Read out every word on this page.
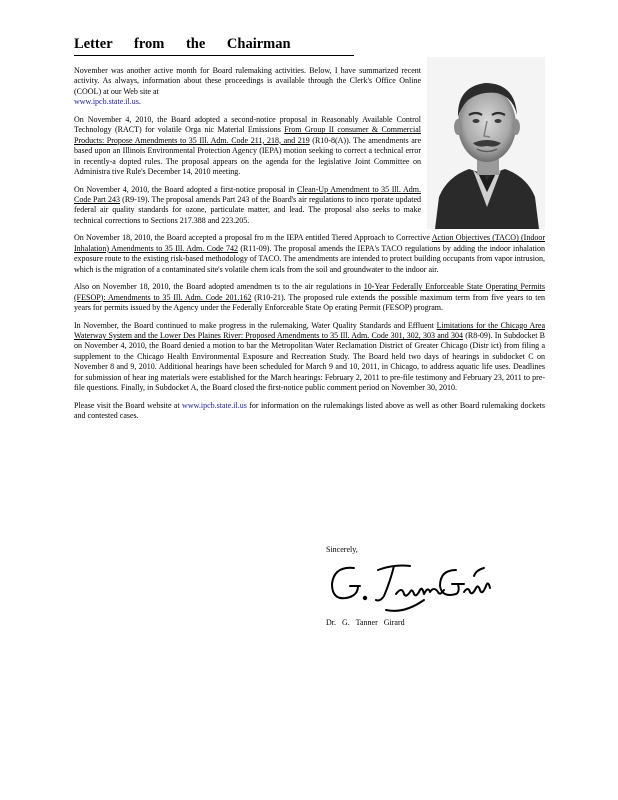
Letter from the Chairman

November was another active month for Board rulemaking activities. Below, I have summarized recent activity. As always, information about these proceedings is available through the Clerk's Office Online (COOL) at our Web site at
www.ipcb.state.il.us.

On November 4, 2010, the Board adopted a second-notice proposal in Reasonably Available Control Technology (RACT) for volatile Orga nic Material Emissions From Group II consumer & Commercial Products: Propose Amendments to 35 Ill. Adm. Code 211, 218, and 219 (R10-8(A)). The amendments are based upon an Illinois Environmental Protection Agency (IEPA) motion seeking to correct a technical error in recently-a dopted rules. The proposal appears on the agenda for the legislative Joint Committee on Administra tive Rule's December 14, 2010 meeting.

On November 4, 2010, the Board adopted a first-notice proposal in Clean-Up Amendment to 35 Ill. Adm. Code Part 243 (R9-19). The proposal amends Part 243 of the Board's air regulations to inco rporate updated federal air quality standards for ozone, particulate matter, and lead. The proposal also seeks to make technical corrections to Sections 217.388 and 223.205.

On November 18, 2010, the Board accepted a proposal fro m the IEPA entitled Tiered Approach to Corrective Action Objectives (TACO) (Indoor Inhalation) Amendments to 35 Ill. Adm. Code 742 (R11-09). The proposal amends the IEPA's TACO regulations by adding the indoor inhalation exposure route to the existing risk-based methodology of TACO. The amendments are intended to protect building occupants from vapor intrusion, which is the migration of a contaminated site's volatile chem icals from the soil and groundwater to the indoor air.

Also on November 18, 2010, the Board adopted amendmen ts to the air regulations in 10-Year Federally Enforceable State Operating Permits (FESOP): Amendments to 35 Ill. Adm. Code 201.162 (R10-21). The proposed rule extends the possible maximum term from five years to ten years for permits issued by the Agency under the Federally Enforceable State Op erating Permit (FESOP) program.

In November, the Board continued to make progress in the rulemaking, Water Quality Standards and Effluent Limitations for the Chicago Area Waterway System and the Lower Des Plaines River: Proposed Amendments to 35 Ill. Adm. Code 301, 302, 303 and 304 (R8-09). In Subdocket B on November 4, 2010, the Board denied a motion to bar the Metropolitan Water Reclamation District of Greater Chicago (Distr ict) from filing a supplement to the Chicago Health Environmental Exposure and Recreation Study. The Board held two days of hearings in subdocket C on November 8 and 9, 2010. Additional hearings have been scheduled for March 9 and 10, 2011, in Chicago, to address aquatic life uses. Deadlines for submission of hear ing materials were established for the March hearings: February 2, 2011 to pre-file testimony and February 23, 2011 to pre-file questions. Finally, in Subdocket A, the Board closed the first-notice public comment period on November 30, 2010.

Please visit the Board website at www.ipcb.state.il.us for information on the rulemakings listed above as well as other Board rulemaking dockets and contested cases.

Sincerely,
Dr. G. Tanner Girard
